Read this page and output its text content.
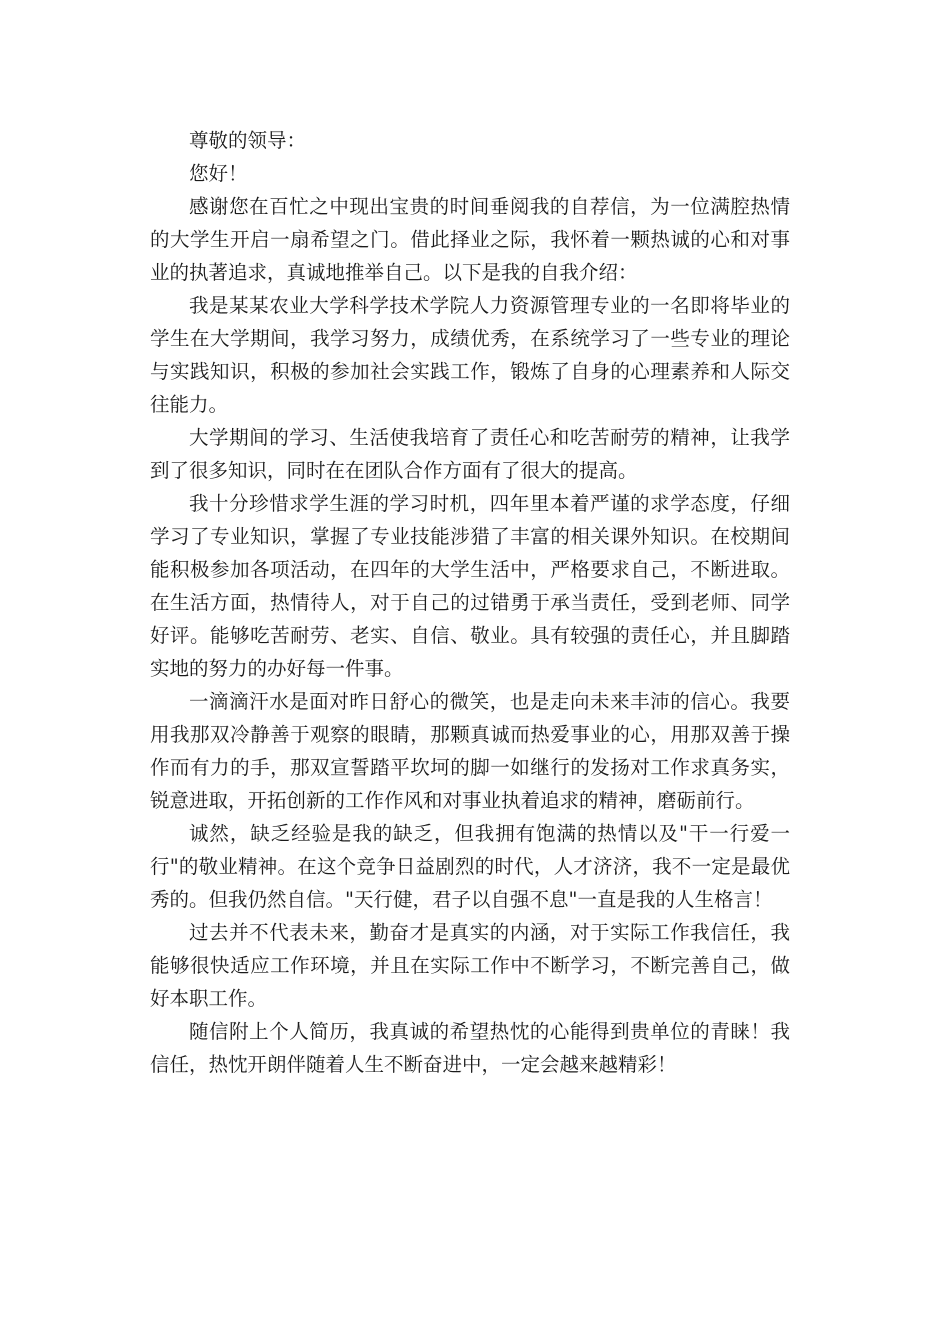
尊敬的领导：

您好！

感谢您在百忙之中现出宝贵的时间垂阅我的自荐信，为一位满腔热情的大学生开启一扇希望之门。借此择业之际，我怀着一颗热诚的心和对事业的执著追求，真诚地推举自己。以下是我的自我介绍：

我是某某农业大学科学技术学院人力资源管理专业的一名即将毕业的学生在大学期间，我学习努力，成绩优秀，在系统学习了一些专业的理论与实践知识，积极的参加社会实践工作，锻炼了自身的心理素养和人际交往能力。

大学期间的学习、生活使我培育了责任心和吃苦耐劳的精神，让我学到了很多知识，同时在在团队合作方面有了很大的提高。

我十分珍惜求学生涯的学习时机，四年里本着严谨的求学态度，仔细学习了专业知识，掌握了专业技能涉猎了丰富的相关课外知识。在校期间能积极参加各项活动，在四年的大学生活中，严格要求自己，不断进取。在生活方面，热情待人，对于自己的过错勇于承当责任，受到老师、同学好评。能够吃苦耐劳、老实、自信、敬业。具有较强的责任心，并且脚踏实地的努力的办好每一件事。

一滴滴汗水是面对昨日舒心的微笑，也是走向未来丰沛的信心。我要用我那双冷静善于观察的眼睛，那颗真诚而热爱事业的心，用那双善于操作而有力的手，那双宣誓踏平坎坷的脚一如继行的发扬对工作求真务实，锐意进取，开拓创新的工作作风和对事业执着追求的精神，磨砺前行。

诚然，缺乏经验是我的缺乏，但我拥有饱满的热情以及"干一行爱一行"的敬业精神。在这个竞争日益剧烈的时代，人才济济，我不一定是最优秀的。但我仍然自信。"天行健，君子以自强不息"一直是我的人生格言！

过去并不代表未来，勤奋才是真实的内涵，对于实际工作我信任，我能够很快适应工作环境，并且在实际工作中不断学习，不断完善自己，做好本职工作。

随信附上个人简历，我真诚的希望热忱的心能得到贵单位的青睐！我信任，热忱开朗伴随着人生不断奋进中，一定会越来越精彩！
